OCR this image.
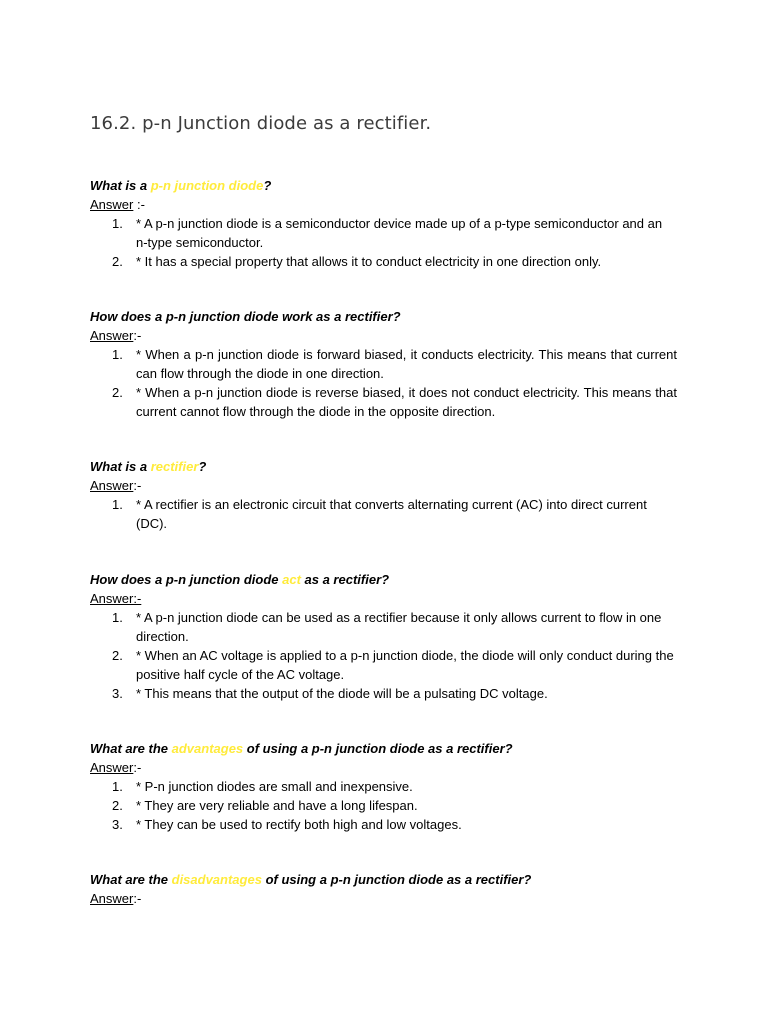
16.2. p-n Junction diode as a rectifier.
What is a p-n junction diode?
Answer :-
1. * A p-n junction diode is a semiconductor device made up of a p-type semiconductor and an n-type semiconductor.
2. * It has a special property that allows it to conduct electricity in one direction only.
How does a p-n junction diode work as a rectifier?
Answer:-
1. * When a p-n junction diode is forward biased, it conducts electricity. This means that current can flow through the diode in one direction.
2. * When a p-n junction diode is reverse biased, it does not conduct electricity. This means that current cannot flow through the diode in the opposite direction.
What is a rectifier?
Answer:-
1. * A rectifier is an electronic circuit that converts alternating current (AC) into direct current (DC).
How does a p-n junction diode act as a rectifier?
Answer:-
1. * A p-n junction diode can be used as a rectifier because it only allows current to flow in one direction.
2. * When an AC voltage is applied to a p-n junction diode, the diode will only conduct during the positive half cycle of the AC voltage.
3. * This means that the output of the diode will be a pulsating DC voltage.
What are the advantages of using a p-n junction diode as a rectifier?
Answer:-
1. * P-n junction diodes are small and inexpensive.
2. * They are very reliable and have a long lifespan.
3. * They can be used to rectify both high and low voltages.
What are the disadvantages of using a p-n junction diode as a rectifier?
Answer:-
